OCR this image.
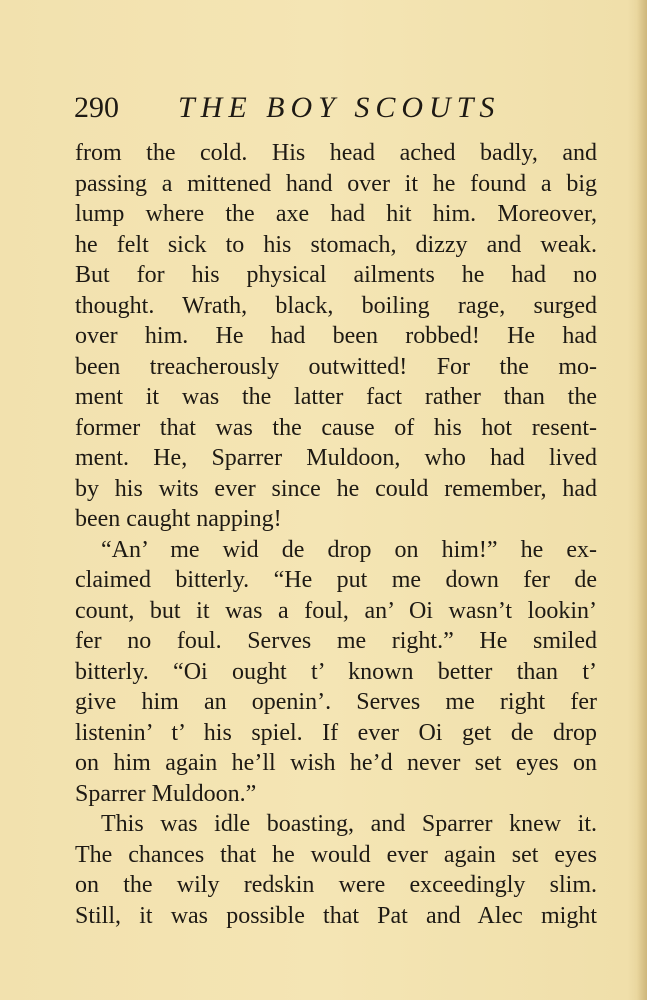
290 THE BOY SCOUTS
from the cold. His head ached badly, and
passing a mittened hand over it he found a big
lump where the axe had hit him. Moreover,
he felt sick to his stomach, dizzy and weak.
But for his physical ailments he had no
thought. Wrath, black, boiling rage, surged
over him. He had been robbed! He had
been treacherously outwitted! For the mo-
ment it was the latter fact rather than the
former that was the cause of his hot resent-
ment. He, Sparrer Muldoon, who had lived
by his wits ever since he could remember, had
been caught napping!
“An’ me wid de drop on him!” he ex-
claimed bitterly. “He put me down fer de
count, but it was a foul, an’ Oi wasn’t lookin’
fer no foul. Serves me right.” He smiled
bitterly. “Oi ought t’ known better than t’
give him an openin’. Serves me right fer
listenin’ t’ his spiel. If ever Oi get de drop
on him again he’ll wish he’d never set eyes on
Sparrer Muldoon.”
This was idle boasting, and Sparrer knew it.
The chances that he would ever again set eyes
on the wily redskin were exceedingly slim.
Still, it was possible that Pat and Alec might
